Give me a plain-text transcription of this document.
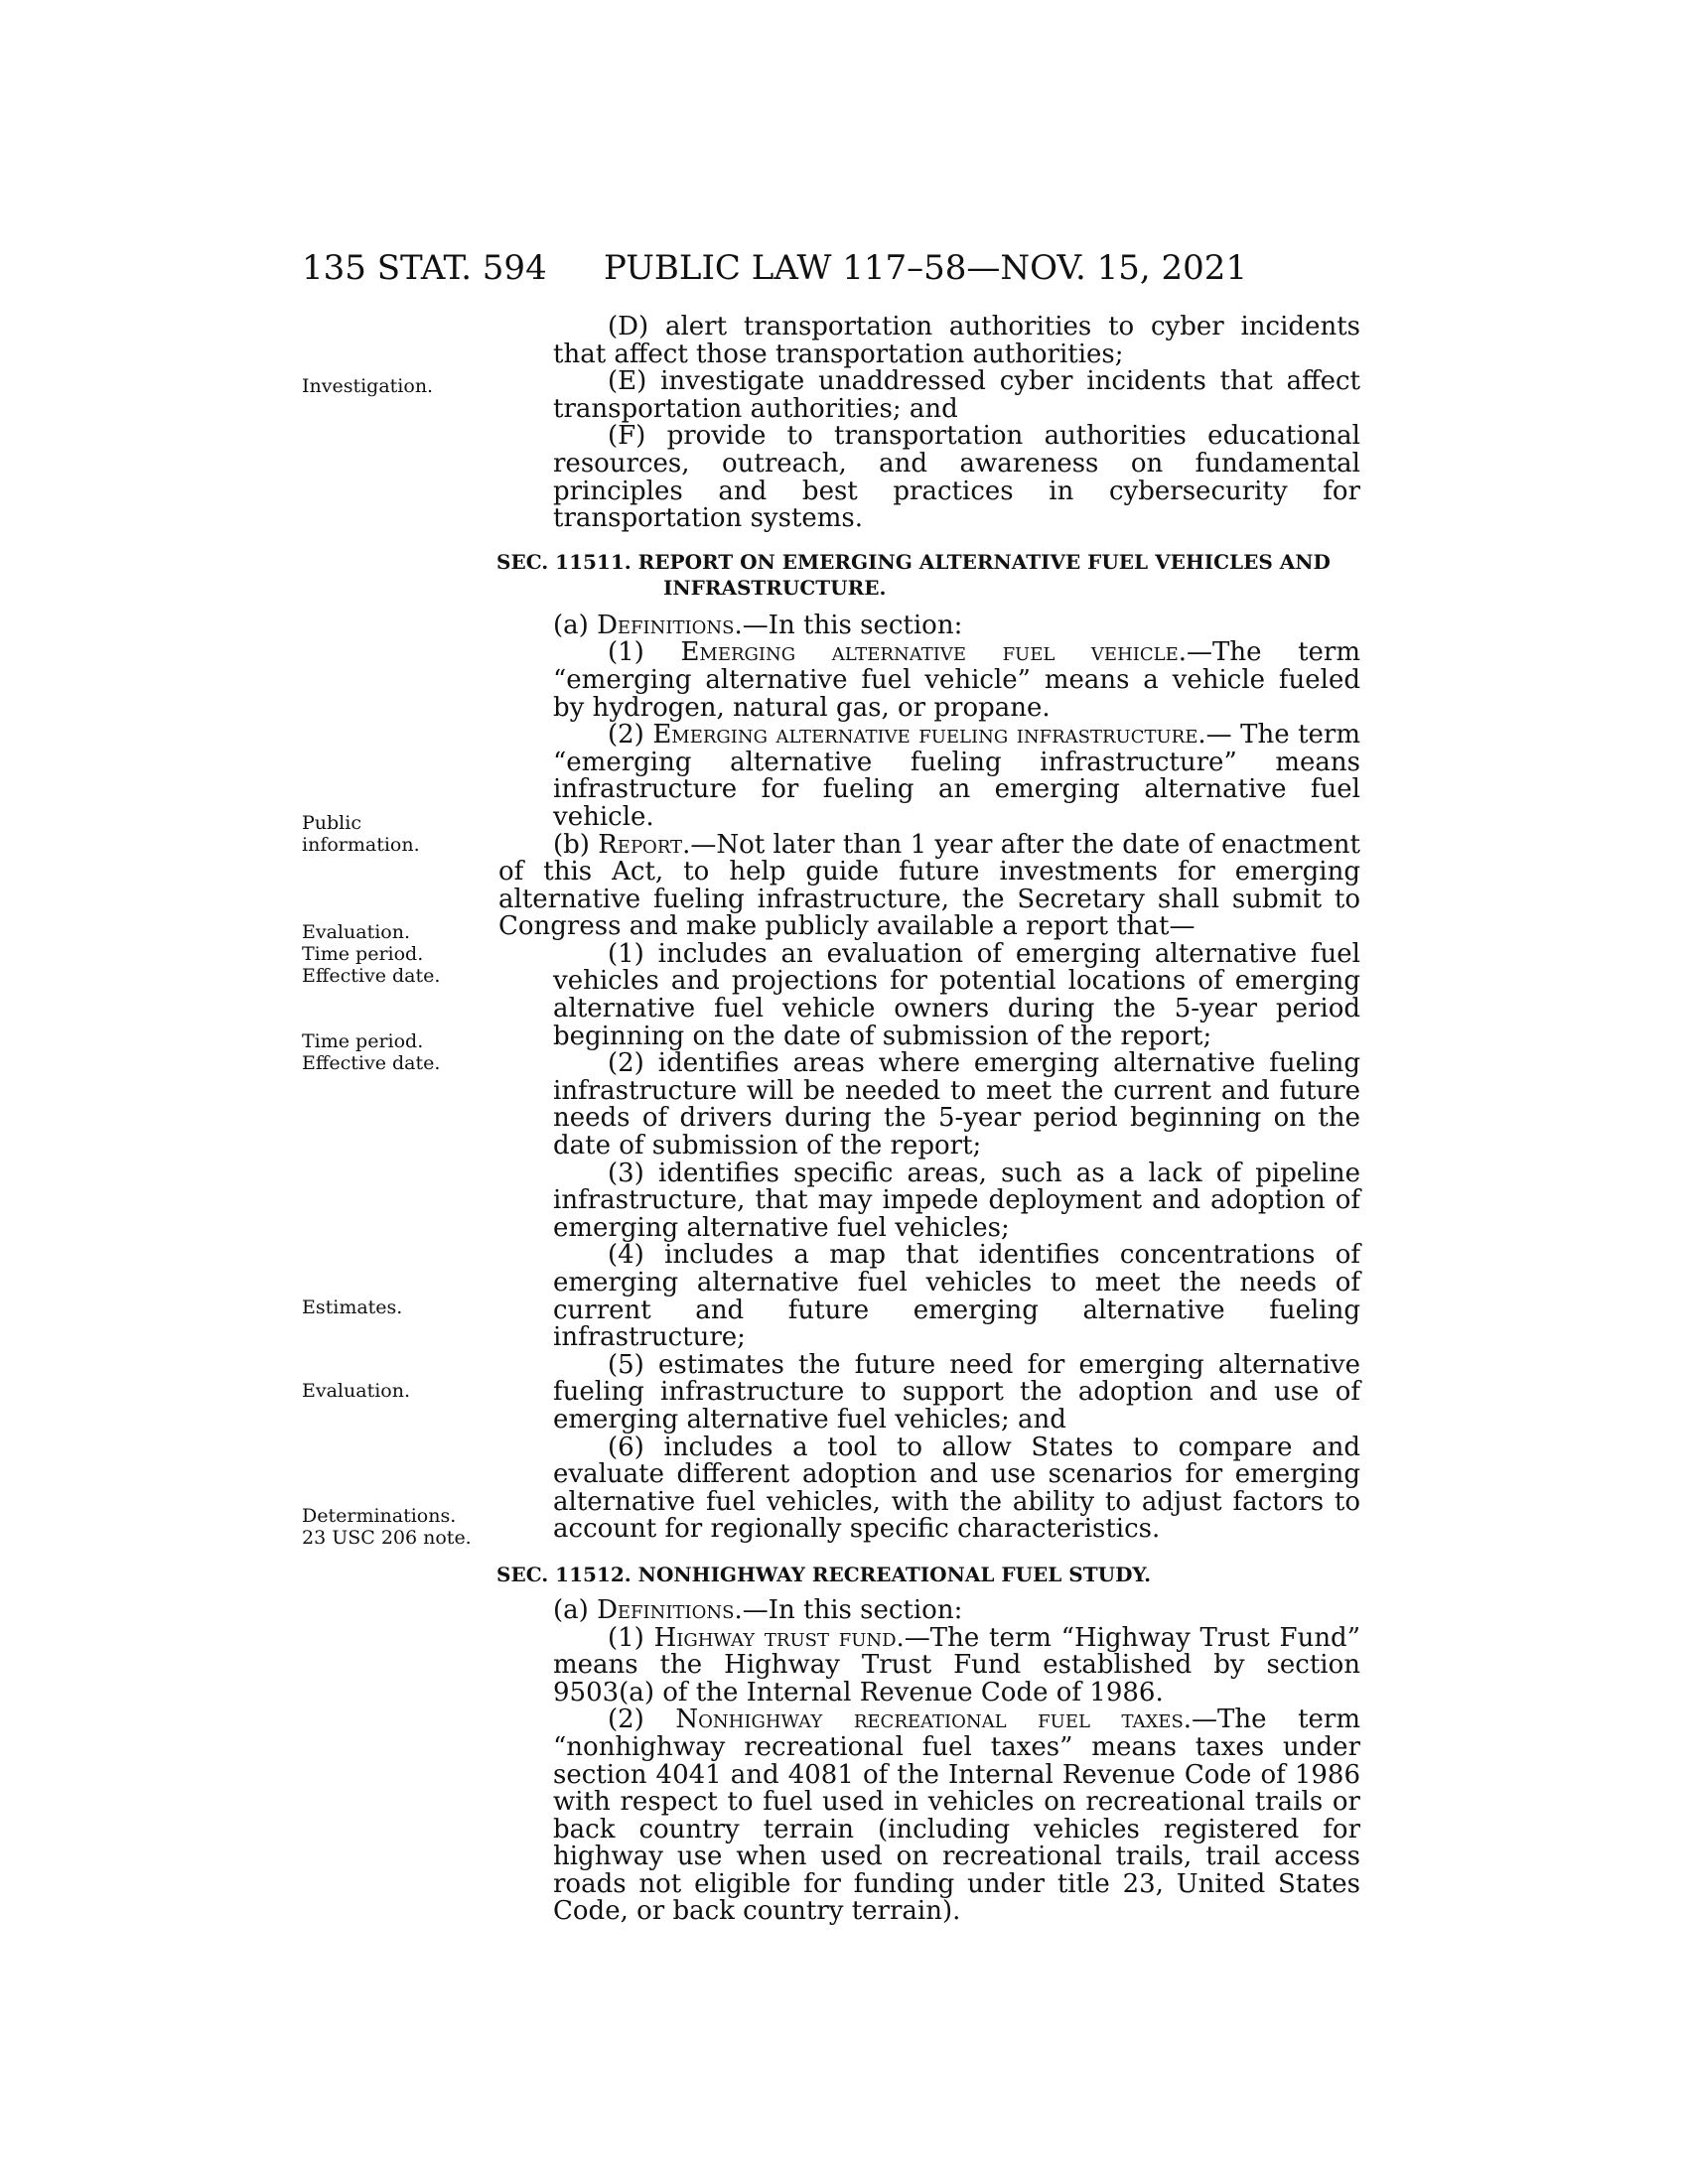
135 STAT. 594 PUBLIC LAW 117–58—NOV. 15, 2021
Investigation.
Public
information.
Evaluation.
Time period.
Effective date.
Time period.
Effective date.
Estimates.
Evaluation.
Determinations.
23 USC 206 note.

(D) alert transportation authorities to cyber incidents that affect those transportation authorities;

(E) investigate unaddressed cyber incidents that affect transportation authorities; and

(F) provide to transportation authorities educational resources, outreach, and awareness on fundamental principles and best practices in cybersecurity for transportation systems.

SEC. 11511. REPORT ON EMERGING ALTERNATIVE FUEL VEHICLES AND
INFRASTRUCTURE.

(a) Definitions.—In this section:

(1) Emerging alternative fuel vehicle.—The term “emerging alternative fuel vehicle” means a vehicle fueled by hydrogen, natural gas, or propane.

(2) Emerging alternative fueling infrastructure.— The term “emerging alternative fueling infrastructure” means infrastructure for fueling an emerging alternative fuel vehicle.

(b) Report.—Not later than 1 year after the date of enactment of this Act, to help guide future investments for emerging alternative fueling infrastructure, the Secretary shall submit to Congress and make publicly available a report that—

(1) includes an evaluation of emerging alternative fuel vehicles and projections for potential locations of emerging alternative fuel vehicle owners during the 5-year period beginning on the date of submission of the report;

(2) identifies areas where emerging alternative fueling infrastructure will be needed to meet the current and future needs of drivers during the 5-year period beginning on the date of submission of the report;

(3) identifies specific areas, such as a lack of pipeline infrastructure, that may impede deployment and adoption of emerging alternative fuel vehicles;

(4) includes a map that identifies concentrations of emerging alternative fuel vehicles to meet the needs of current and future emerging alternative fueling infrastructure;

(5) estimates the future need for emerging alternative fueling infrastructure to support the adoption and use of emerging alternative fuel vehicles; and

(6) includes a tool to allow States to compare and evaluate different adoption and use scenarios for emerging alternative fuel vehicles, with the ability to adjust factors to account for regionally specific characteristics.

SEC. 11512. NONHIGHWAY RECREATIONAL FUEL STUDY.

(a) Definitions.—In this section:

(1) Highway trust fund.—The term “Highway Trust Fund” means the Highway Trust Fund established by section 9503(a) of the Internal Revenue Code of 1986.

(2) Nonhighway recreational fuel taxes.—The term “nonhighway recreational fuel taxes” means taxes under section 4041 and 4081 of the Internal Revenue Code of 1986 with respect to fuel used in vehicles on recreational trails or back country terrain (including vehicles registered for highway use when used on recreational trails, trail access roads not eligible for funding under title 23, United States Code, or back country terrain).
